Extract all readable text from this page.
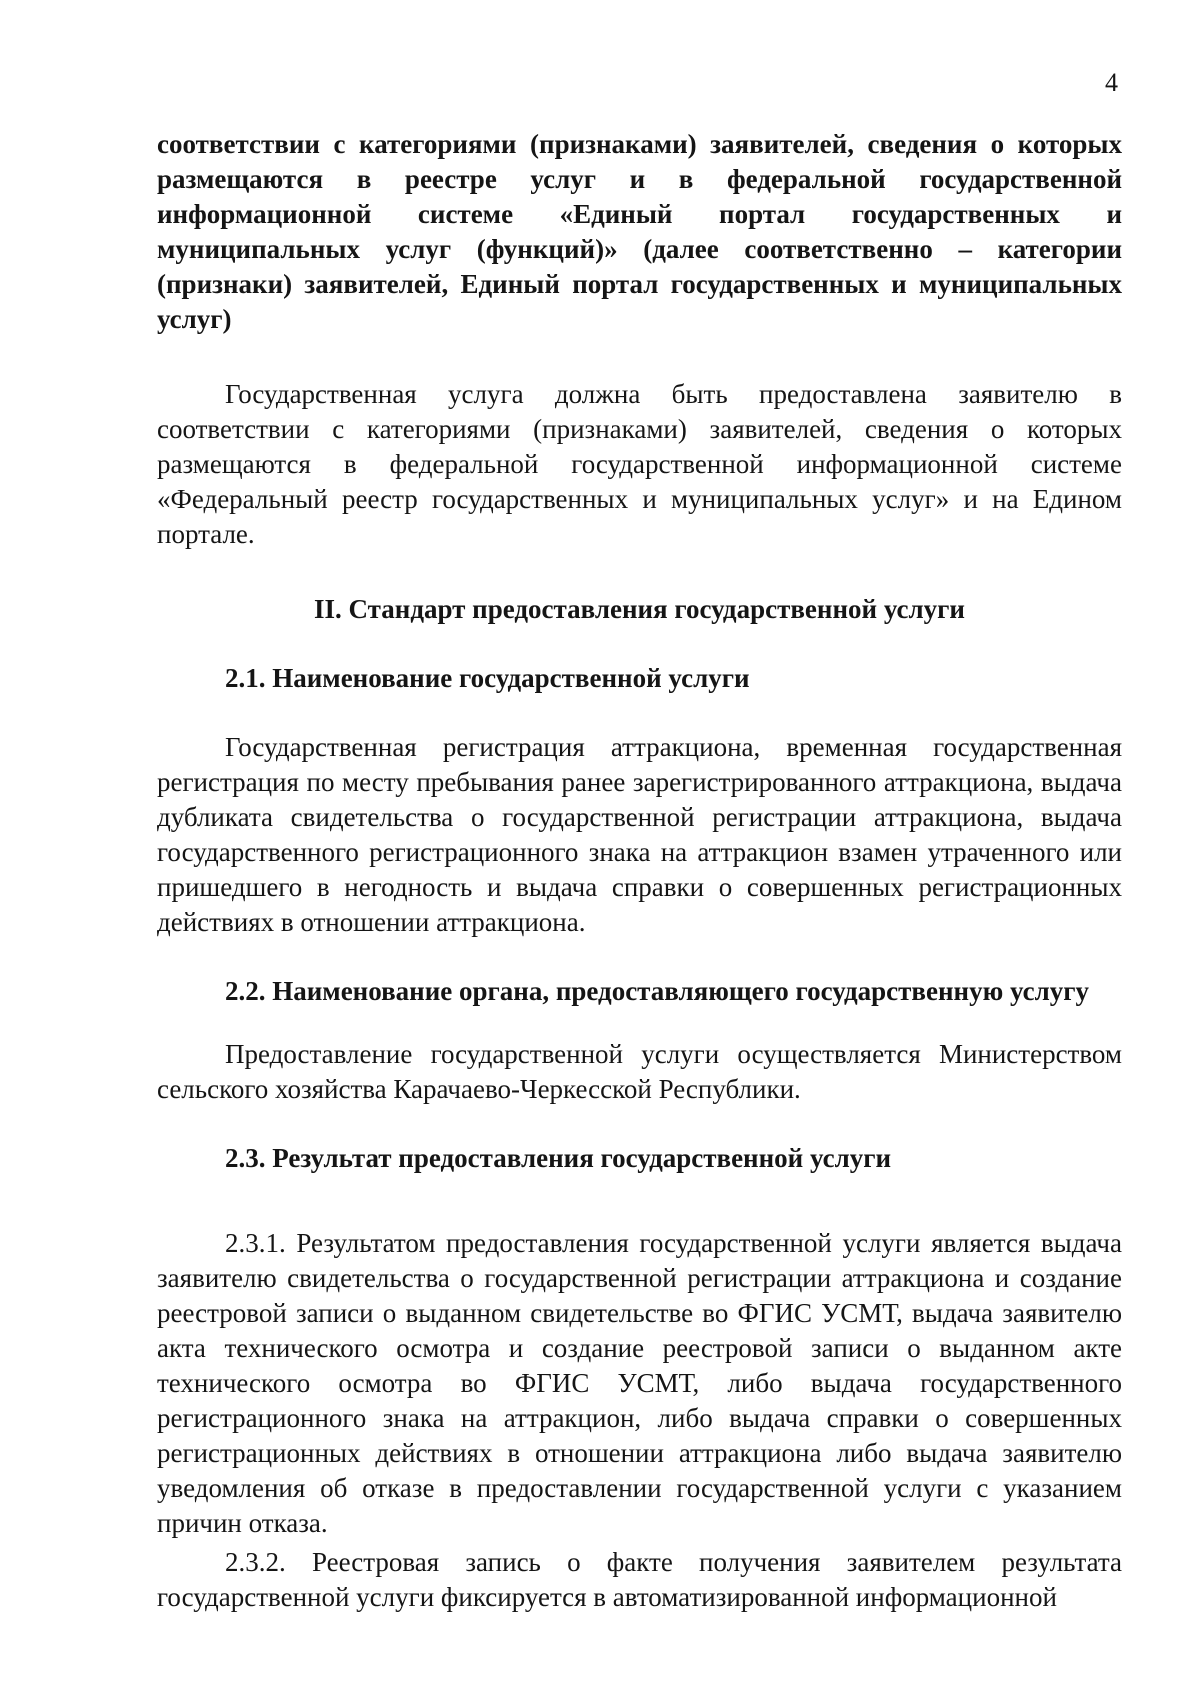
4

соответствии с категориями (признаками) заявителей, сведения о которых размещаются в реестре услуг и в федеральной государственной информационной системе «Единый портал государственных и муниципальных услуг (функций)» (далее соответственно – категории (признаки) заявителей, Единый портал государственных и муниципальных услуг)

Государственная услуга должна быть предоставлена заявителю в соответствии с категориями (признаками) заявителей, сведения о которых размещаются в федеральной государственной информационной системе «Федеральный реестр государственных и муниципальных услуг» и на Едином портале.

II. Стандарт предоставления государственной услуги

2.1. Наименование государственной услуги

Государственная регистрация аттракциона, временная государственная регистрация по месту пребывания ранее зарегистрированного аттракциона, выдача дубликата свидетельства о государственной регистрации аттракциона, выдача государственного регистрационного знака на аттракцион взамен утраченного или пришедшего в негодность и выдача справки о совершенных регистрационных действиях в отношении аттракциона.

2.2. Наименование органа, предоставляющего государственную услугу

Предоставление государственной услуги осуществляется Министерством сельского хозяйства Карачаево-Черкесской Республики.

2.3. Результат предоставления государственной услуги

2.3.1. Результатом предоставления государственной услуги является выдача заявителю свидетельства о государственной регистрации аттракциона и создание реестровой записи о выданном свидетельстве во ФГИС УСМТ, выдача заявителю акта технического осмотра и создание реестровой записи о выданном акте технического осмотра во ФГИС УСМТ, либо выдача государственного регистрационного знака на аттракцион, либо выдача справки о совершенных регистрационных действиях в отношении аттракциона либо выдача заявителю уведомления об отказе в предоставлении государственной услуги с указанием причин отказа.

2.3.2. Реестровая запись о факте получения заявителем результата государственной услуги фиксируется в автоматизированной информационной
